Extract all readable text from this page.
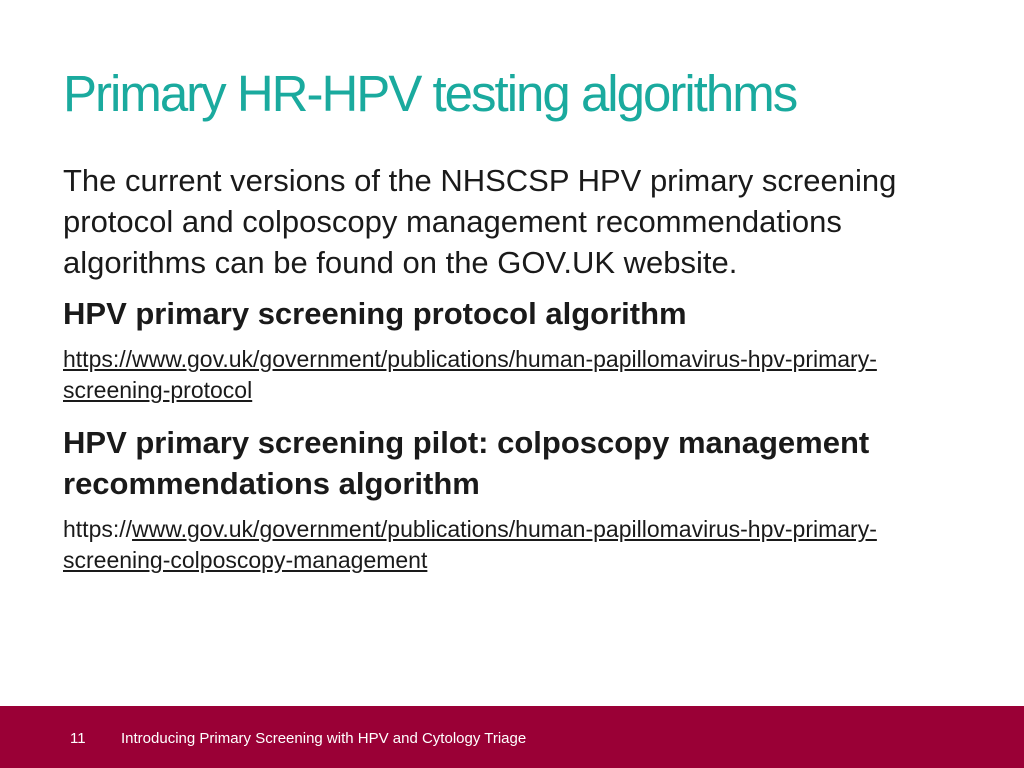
Primary HR-HPV testing algorithms

The current versions of the NHSCSP HPV primary screening protocol and colposcopy management recommendations algorithms can be found on the GOV.UK website.

HPV primary screening protocol algorithm

https://www.gov.uk/government/publications/human-papillomavirus-hpv-primary-screening-protocol

HPV primary screening pilot: colposcopy management recommendations algorithm

https://www.gov.uk/government/publications/human-papillomavirus-hpv-primary-screening-colposcopy-management

11 Introducing Primary Screening with HPV and Cytology Triage
